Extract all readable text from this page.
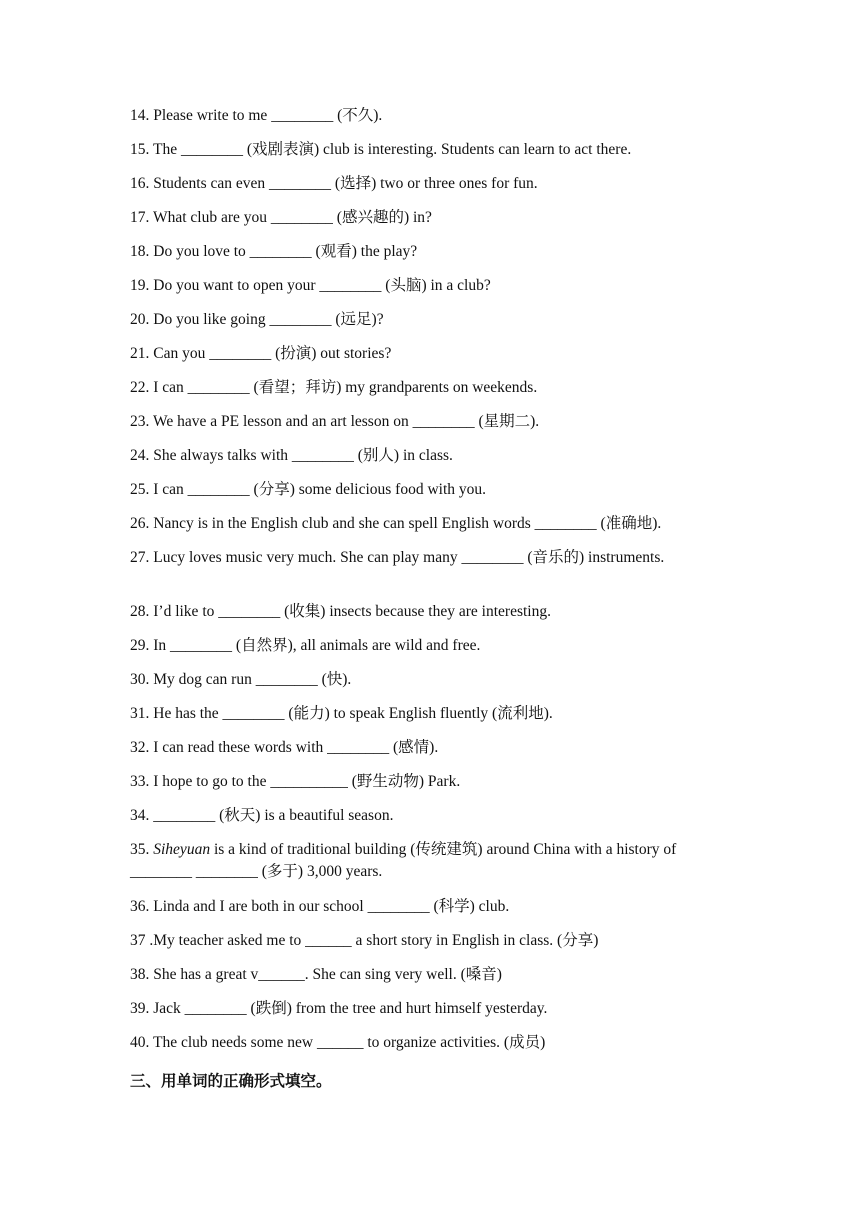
14. Please write to me ________ (不久).
15. The ________ (戏剧表演) club is interesting. Students can learn to act there.
16. Students can even ________ (选择) two or three ones for fun.
17. What club are you ________ (感兴趣的) in?
18. Do you love to ________ (观看) the play?
19. Do you want to open your ________ (头脑) in a club?
20. Do you like going ________ (远足)?
21. Can you ________ (扮演) out stories?
22. I can ________ (看望；拜访) my grandparents on weekends.
23. We have a PE lesson and an art lesson on ________ (星期二).
24. She always talks with ________ (别人) in class.
25. I can ________ (分享) some delicious food with you.
26. Nancy is in the English club and she can spell English words ________ (准确地).
27. Lucy loves music very much. She can play many ________ (音乐的) instruments.
28. I’d like to ________ (收集) insects because they are interesting.
29. In ________ (自然界), all animals are wild and free.
30. My dog can run ________ (快).
31. He has the ________ (能力) to speak English fluently (流利地).
32. I can read these words with ________ (感情).
33. I hope to go to the __________ (野生动物) Park.
34. ________ (秋天) is a beautiful season.
35. Siheyuan is a kind of traditional building (传统建筑) around China with a history of ________ ________ (多于) 3,000 years.
36. Linda and I are both in our school ________ (科学) club.
37 .My teacher asked me to ______ a short story in English in class. (分享)
38. She has a great v______. She can sing very well. (嗓音)
39. Jack ________ (跌倒) from the tree and hurt himself yesterday.
40. The club needs some new ______ to organize activities. (成员)
三、用单词的正确形式填空。
